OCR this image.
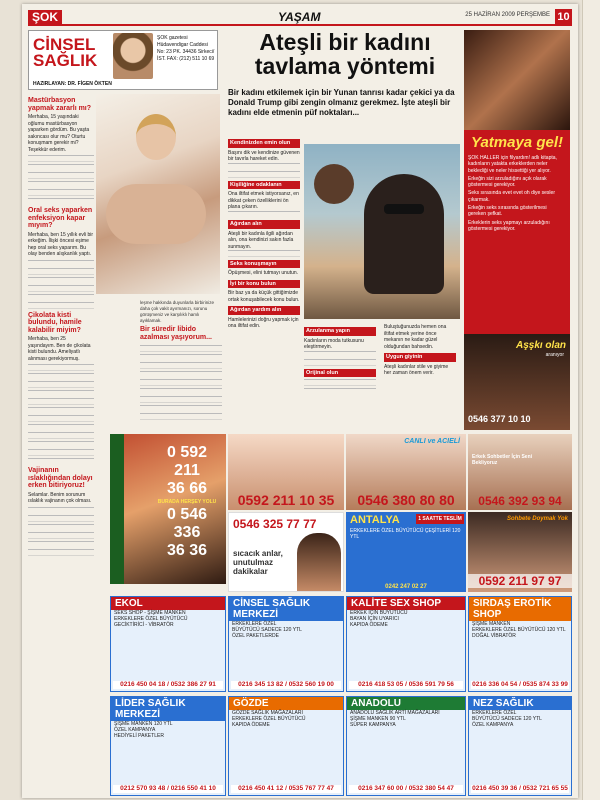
ŞOK	YAŞAM	25 HAZİRAN 2009 PERŞEMBE 10
CİNSEL
SAĞLIK
ŞOK gazetesi Hüdavendigar Caddesi No: 23 PK. 34436 Sirkeci/İST. FAX: (212) 511 10 69
HAZIRLAYAN: DR. FİGEN ÖKTEN
Mastürbasyon yapmak zararlı mı?
Merhaba, 15 yaşındaki oğlumu mastürbasyon yaparken gördüm. Bu yaşta sakıncası olur mu? Oturtu konuşmam gerekir mi? Teşekkür ederim.
Oral seks yaparken enfeksiyon kapar mıyım?
Merhaba, ben 15 yıllık evli bir erkeğim. İlişki öncesi eşime hep oral seks yaparım. Bu olay benden alışkanlık yaptı.
Çikolata kisti bulundu, hamile kalabilir miyim?
Merhaba, ben 25 yaşındayım. Ben de çikolata kisti bulundu. Ameliyatlı alınması gerekiyormuş.
Vajinanın ıslaklığından dolayı erken bitiriyoruz!
Selamlar. Benim sorunum ıslaklık vajinanın çok olması.
leşme hakkında duyunlarla birbirinize daha çok vakit ayırmanızı, sorunu görüşmeniz ve karşılıklı hamlı ayıklamak.
Bir süredir libido azalması yaşıyorum...
Ateşli bir kadını tavlama yöntemi
Bir kadını etkilemek için bir Yunan tanrısı kadar çekici ya da Donald Trump gibi zengin olmanız gerekmez. İşte ateşli bir kadını elde etmenin püf noktaları...
Kendinizden emin olun
Başını dik ve kendinize güvenen bir tavırla hareket edin.
Kişiliğine odaklanın
Ona iltifat etmek istiyorsanız, en dikkat çeken özelliklerini ön plana çıkarın.
Ağırdan alın
Ateşli bir kadınla ilgili ağırdan alın, ona kendinizi sakın fazla sunmayın.
Seks konuşmayın
Öpüşmesi, elini tutmayı unutun.
İyi bir konu bulun
Bir baz ya da küçük gittiğimizde ortak konuşabilecek konu bulun.
Ağırdan yardım alın
Hamlelerinizi doğru yapmak için ona iltifat edin.
Arzulanma yapın
Kadınların moda tutkusunu eleştirmeyin.
Orijinal olun
Buluştuğunuzda hemen ona iltifat etmek yerine önce mekanın ne kadar güzel olduğundan bahsedin.
Uygun giyinin
Ateşli kadınlar stile ve giyime her zaman önem verir.
Yatmaya gel!
ŞOK HALLER için filyardım! adlı kitapta, kadınların yatakta erkeklerden neler beklediği ve neler hissettiği yer alıyor.
Erkeğin sizi arzuladığını açık olarak göstermesi gerekiyor.
Seks sırasında evet evet oh diye sesler çıkarmak.
Erkeğin seks sırasında gösterilmesi gereken şefkat.
Erkeklerin seks yapmayı arzuladığını göstermesi gerekiyor.
Aşşkı olan
aranıyor
0546 377 10 10
0 592
211
36 66
BURADA HERŞEY YOLU
0 546
336
36 36
0592 211 10 35
CANLI ve ACIELİ
0546 380 80 80
Erkek Sohbetler İçin Seni Bekliyoruz
0546 392 93 94
0546 325 77 77
sıcacık anlar, unutulmaz dakikalar
ANTALYA	1 SAATTE TESLİM
ERKEKLERE ÖZEL BÜYÜTÜCÜ ÇEŞİTLERİ 120 YTL
0242 247 02 27
Sohbete Doymak Yok
0592 211 97 97
EKOL
SEKS SHOP - ŞİŞME MANKEN
ERKEKLERE ÖZEL BÜYÜTÜCÜ
GECİKTİRİCİ - VİBRATÖR
0216 450 04 18 / 0532 386 27 91
CİNSEL SAĞLIK MERKEZİ
ERKEKLERE ÖZEL
BÜYÜTÜCÜ SADECE 120 YTL
ÖZEL PAKETLERDE
0216 345 13 82 / 0532 560 19 00
KALİTE SEX SHOP
ERKEK İÇİN BÜYÜTÜCÜ
BAYAN İÇİN UYARICI
KAPIDA ÖDEME
0216 418 53 05 / 0536 591 79 56
SIRDAŞ EROTİK SHOP
ŞİŞME MANKEN
ERKEKLERE ÖZEL BÜYÜTÜCÜ 120 YTL
DOĞAL VİBRATÖR
0216 336 04 54 / 0535 874 33 99
LİDER SAĞLIK MERKEZİ
ŞİŞME MANKEN 120 YTL
ÖZEL KAMPANYA
HEDİYELİ PAKETLER
0212 570 93 48 / 0216 550 41 10
GÖZDE
GÖZDE SAĞLIK MAĞAZALARI
ERKEKLERE ÖZEL BÜYÜTÜCÜ
KAPIDA ÖDEME
0216 450 41 12 / 0535 767 77 47
ANADOLU
ANADOLU SAĞLIK ARTİ MAĞAZALARI
ŞİŞME MANKEN 90 YTL
SÜPER KAMPANYA
0216 347 60 00 / 0532 380 54 47
NEZ SAĞLIK
ERKEKLERE ÖZEL
BÜYÜTÜCÜ SADECE 120 YTL
ÖZEL KAMPANYA
0216 450 39 36 / 0532 721 65 55
